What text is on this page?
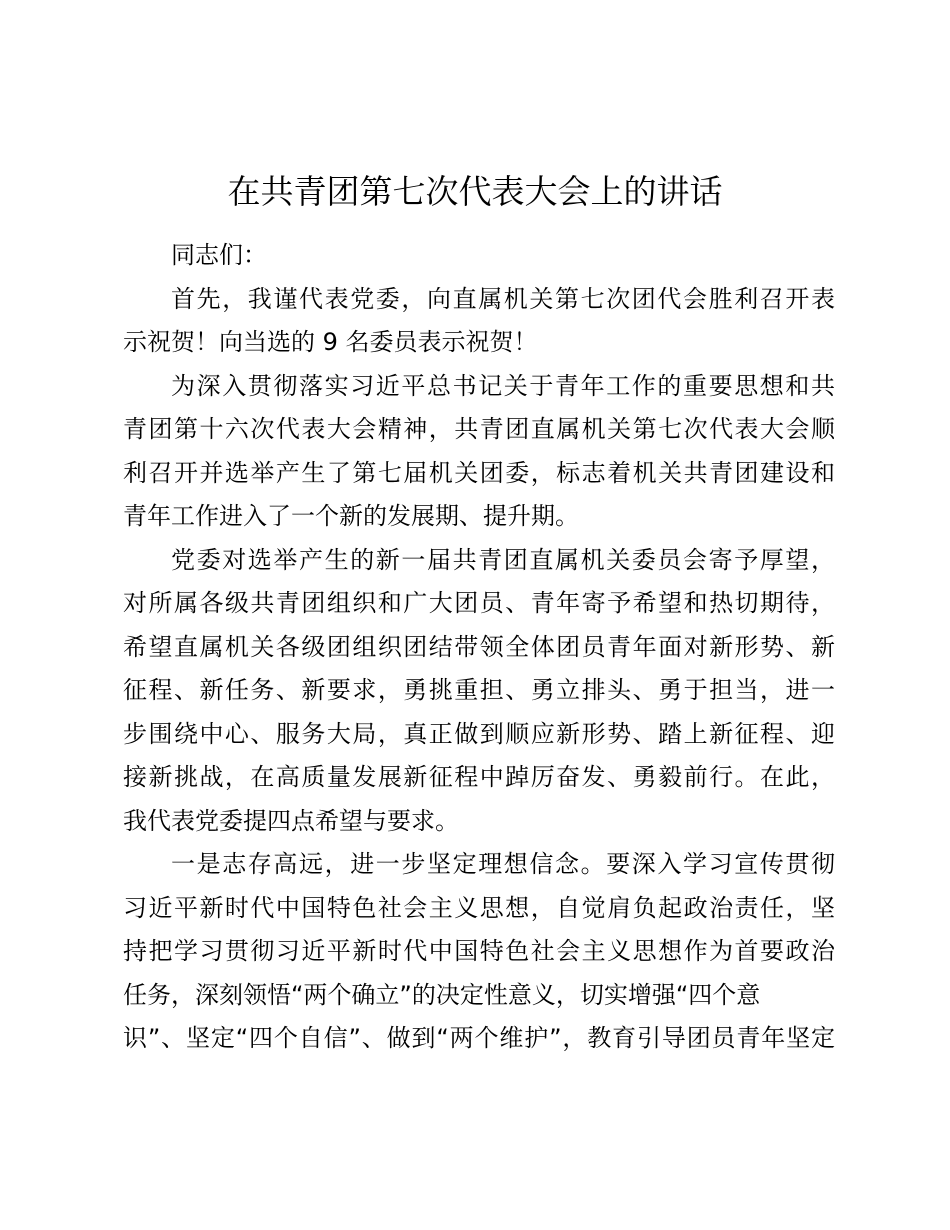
在共青团第七次代表大会上的讲话
同志们：
首先，我谨代表党委，向直属机关第七次团代会胜利召开表
示祝贺！向当选的 9 名委员表示祝贺！
为深入贯彻落实习近平总书记关于青年工作的重要思想和共
青团第十六次代表大会精神，共青团直属机关第七次代表大会顺
利召开并选举产生了第七届机关团委，标志着机关共青团建设和
青年工作进入了一个新的发展期、提升期。
党委对选举产生的新一届共青团直属机关委员会寄予厚望，
对所属各级共青团组织和广大团员、青年寄予希望和热切期待，
希望直属机关各级团组织团结带领全体团员青年面对新形势、新
征程、新任务、新要求，勇挑重担、勇立排头、勇于担当，进一
步围绕中心、服务大局，真正做到顺应新形势、踏上新征程、迎
接新挑战，在高质量发展新征程中踔厉奋发、勇毅前行。在此，
我代表党委提四点希望与要求。
一是志存高远，进一步坚定理想信念。要深入学习宣传贯彻
习近平新时代中国特色社会主义思想，自觉肩负起政治责任，坚
持把学习贯彻习近平新时代中国特色社会主义思想作为首要政治
任务，深刻领悟“两个确立”的决定性意义，切实增强“四个意
识”、坚定“四个自信”、做到“两个维护”，教育引导团员青年坚定
